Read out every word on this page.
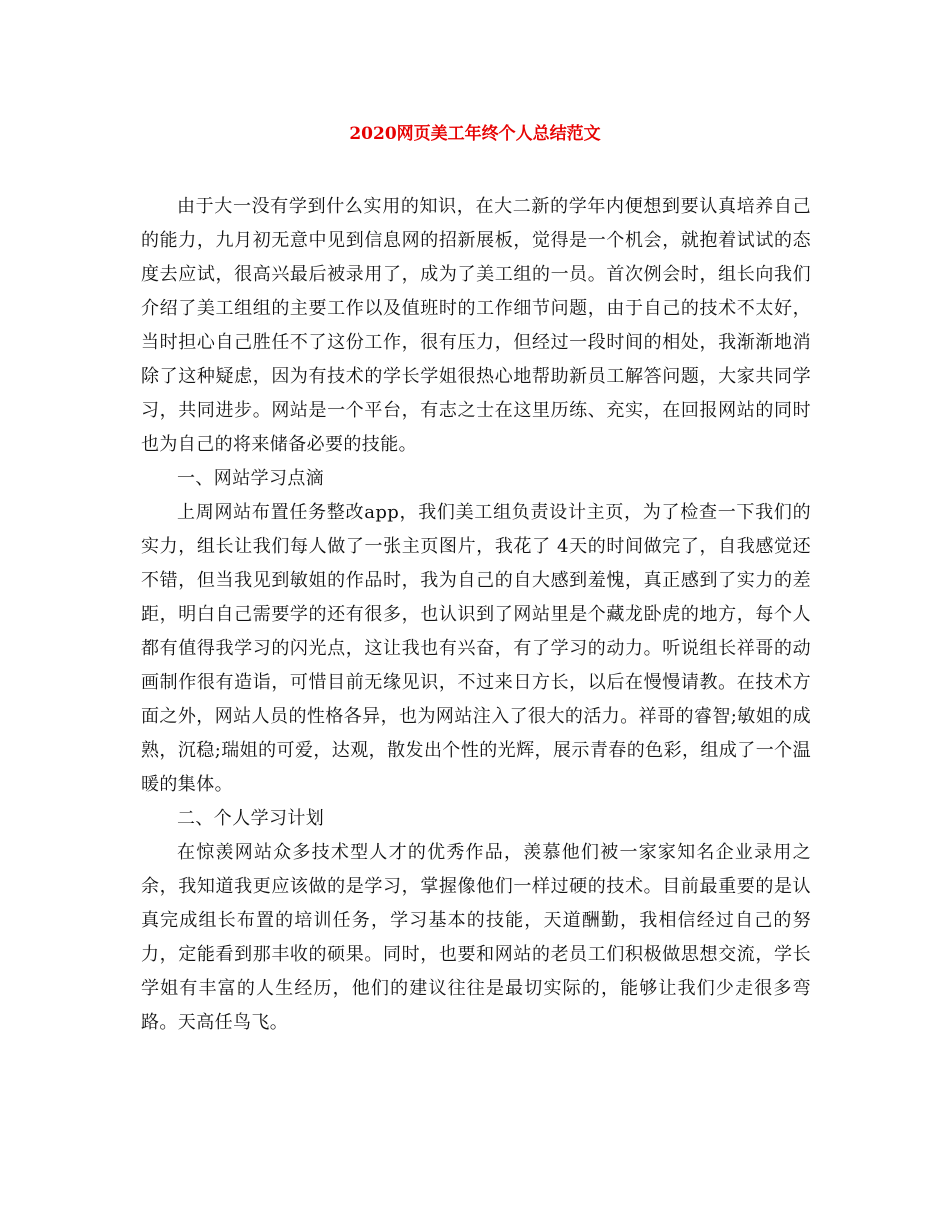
2020网页美工年终个人总结范文

由于大一没有学到什么实用的知识，在大二新的学年内便想到要认真培养自己的能力，九月初无意中见到信息网的招新展板，觉得是一个机会，就抱着试试的态度去应试，很高兴最后被录用了，成为了美工组的一员。首次例会时，组长向我们介绍了美工组组的主要工作以及值班时的工作细节问题，由于自己的技术不太好，当时担心自己胜任不了这份工作，很有压力，但经过一段时间的相处，我渐渐地消除了这种疑虑，因为有技术的学长学姐很热心地帮助新员工解答问题，大家共同学习，共同进步。网站是一个平台，有志之士在这里历练、充实，在回报网站的同时也为自己的将来储备必要的技能。

一、网站学习点滴

上周网站布置任务整改app，我们美工组负责设计主页，为了检查一下我们的实力，组长让我们每人做了一张主页图片，我花了 4天的时间做完了，自我感觉还不错，但当我见到敏姐的作品时，我为自己的自大感到羞愧，真正感到了实力的差距，明白自己需要学的还有很多，也认识到了网站里是个藏龙卧虎的地方，每个人都有值得我学习的闪光点，这让我也有兴奋，有了学习的动力。听说组长祥哥的动画制作很有造诣，可惜目前无缘见识，不过来日方长，以后在慢慢请教。在技术方面之外，网站人员的性格各异，也为网站注入了很大的活力。祥哥的睿智;敏姐的成熟，沉稳;瑞姐的可爱，达观，散发出个性的光辉，展示青春的色彩，组成了一个温暖的集体。

二、个人学习计划

在惊羡网站众多技术型人才的优秀作品，羡慕他们被一家家知名企业录用之余，我知道我更应该做的是学习，掌握像他们一样过硬的技术。目前最重要的是认真完成组长布置的培训任务，学习基本的技能，天道酬勤，我相信经过自己的努力，定能看到那丰收的硕果。同时，也要和网站的老员工们积极做思想交流，学长学姐有丰富的人生经历，他们的建议往往是最切实际的，能够让我们少走很多弯路。天高任鸟飞。
